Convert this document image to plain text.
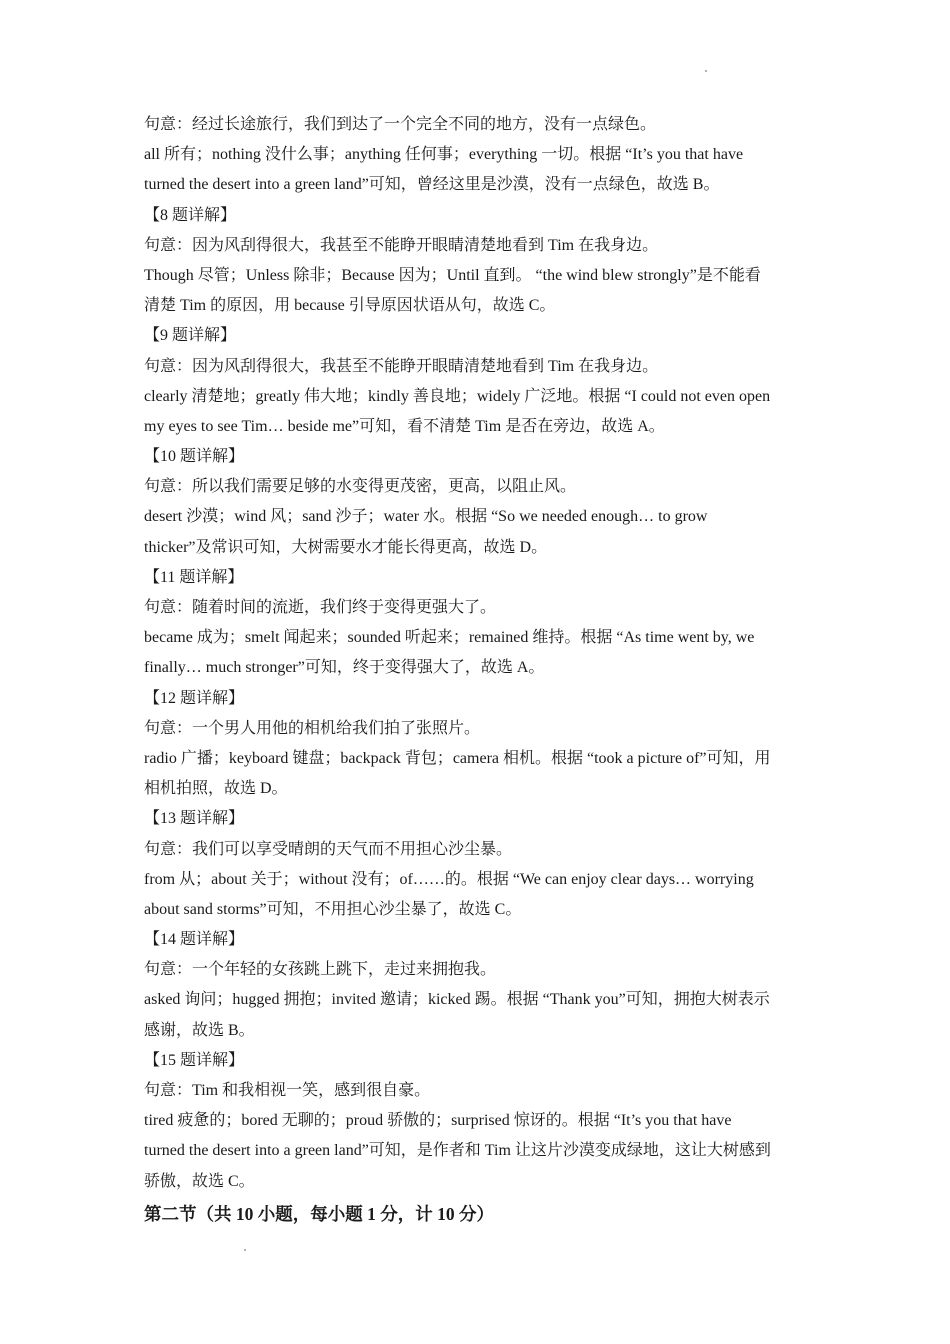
句意：经过长途旅行，我们到达了一个完全不同的地方，没有一点绿色。
all 所有；nothing 没什么事；anything 任何事；everything 一切。根据 “It’s you that have
turned the desert into a green land”可知，曾经这里是沙漠，没有一点绿色，故选 B。
【8 题详解】
句意：因为风刮得很大，我甚至不能睁开眼睛清楚地看到 Tim 在我身边。
Though 尽管；Unless 除非；Because 因为；Until 直到。 “the wind blew strongly”是不能看
清楚 Tim 的原因，用 because 引导原因状语从句，故选 C。
【9 题详解】
句意：因为风刮得很大，我甚至不能睁开眼睛清楚地看到 Tim 在我身边。
clearly 清楚地；greatly 伟大地；kindly 善良地；widely 广泛地。根据 “I could not even open
my eyes to see Tim… beside me”可知，看不清楚 Tim 是否在旁边，故选 A。
【10 题详解】
句意：所以我们需要足够的水变得更茂密，更高，以阻止风。
desert 沙漠；wind 风；sand 沙子；water 水。根据 “So we needed enough… to grow
thicker”及常识可知，大树需要水才能长得更高，故选 D。
【11 题详解】
句意：随着时间的流逝，我们终于变得更强大了。
became 成为；smelt 闻起来；sounded 听起来；remained 维持。根据 “As time went by, we
finally… much stronger”可知，终于变得强大了，故选 A。
【12 题详解】
句意：一个男人用他的相机给我们拍了张照片。
radio 广播；keyboard 键盘；backpack 背包；camera 相机。根据 “took a picture of”可知，用
相机拍照，故选 D。
【13 题详解】
句意：我们可以享受晴朗的天气而不用担心沙尘暴。
from 从；about 关于；without 没有；of……的。根据 “We can enjoy clear days… worrying
about sand storms”可知，不用担心沙尘暴了，故选 C。
【14 题详解】
句意：一个年轻的女孩跳上跳下，走过来拥抱我。
asked 询问；hugged 拥抱；invited 邀请；kicked 踢。根据 “Thank you”可知，拥抱大树表示
感谢，故选 B。
【15 题详解】
句意：Tim 和我相视一笑，感到很自豪。
tired 疲惫的；bored 无聊的；proud 骄傲的；surprised 惊讶的。根据 “It’s you that have
turned the desert into a green land”可知，是作者和 Tim 让这片沙漠变成绿地，这让大树感到
骄傲，故选 C。
第二节（共 10 小题，每小题 1 分，计 10 分）
